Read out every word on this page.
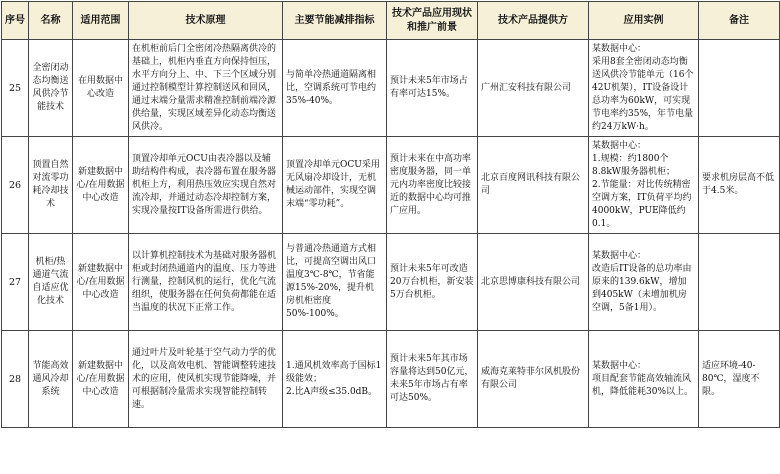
序号	名称	适用范围	技术原理	主要节能减排指标	技术产品应用现状和推广前景	技术产品提供方	应用实例	备注
25	全密闭动态均衡送风供冷节能技术	在用数据中心改造	在机柜前后门全密闭冷热隔离供冷的基础上，机柜内垂直方向保持恒压，水平方向分上、中、下三个区域分别通过控制模型计算控制送风和回风，通过末端分量需求精准控制前端冷源供给量，实现区域差异化动态均衡送风供冷。	与简单冷热通道隔离相比，空调系统可节电约35%-40%。	预计未来5年市场占有率可达15%。	广州汇安科技有限公司	某数据中心：
采用8套全密闭动态均衡送风供冷节能单元（16个42U机架），IT设备设计总功率为60kW，可实现节电率约35%，年节电量约24万kW·h。	
26	顶置自然对流零功耗冷却技术	新建数据中心/在用数据中心改造	顶置冷却单元OCU由表冷器以及辅助结构件构成，表冷器布置在服务器机柜上方，利用热压效应实现自然对流冷却，并通过动态冷却控制方案，实现冷量按IT设备所需进行供给。	顶置冷却单元OCU采用无风扇冷却设计，无机械运动部件，实现空调末端“零功耗”。	预计未来在中高功率密度服务器，同一单元内功率密度比较接近的数据中心均可推广应用。	北京百度网讯科技有限公司	某数据中心：
1.规模：约1800个8.8kW服务器机柜；
2.节能量：对比传统精密空调方案，IT负荷平均约4000kW，PUE降低约0.1。	要求机房层高不低于4.5米。
27	机柜/热通道气流自适应优化技术	新建数据中心/在用数据中心改造	以计算机控制技术为基础对服务器机柜或封闭热通道内的温度、压力等进行测量，控制风机的运行，优化气流组织，使服务器在任何负荷都能在适当温度的状况下正常工作。	与普通冷热通道方式相比，可提高空调出风口温度3℃-8℃，节省能源15%-20%，提升机房机柜密度50%-100%。	预计未来5年可改造20万台机柜，新安装5万台机柜。	北京思博康科技有限公司	某数据中心：
改造后IT设备的总功率由原来的139.6kW，增加到405kW（未增加机房空调，5备1用）。	
28	节能高效通风冷却系统	新建数据中心/在用数据中心改造	通过叶片及叶轮基于空气动力学的优化，以及高效电机、智能调整转速技术的应用，使风机实现节能降噪，并可根据制冷量需求实现智能控制转速。	1.通风机效率高于国标1级能效；
2.比A声级≤35.0dB。	预计未来5年其市场容量将达到50亿元，未来5年市场占有率可达50%。	威海克莱特菲尔风机股份有限公司	某数据中心：
项目配套节能高效轴流风机，降低能耗30%以上。	适应环境-40-80℃，湿度不限。
